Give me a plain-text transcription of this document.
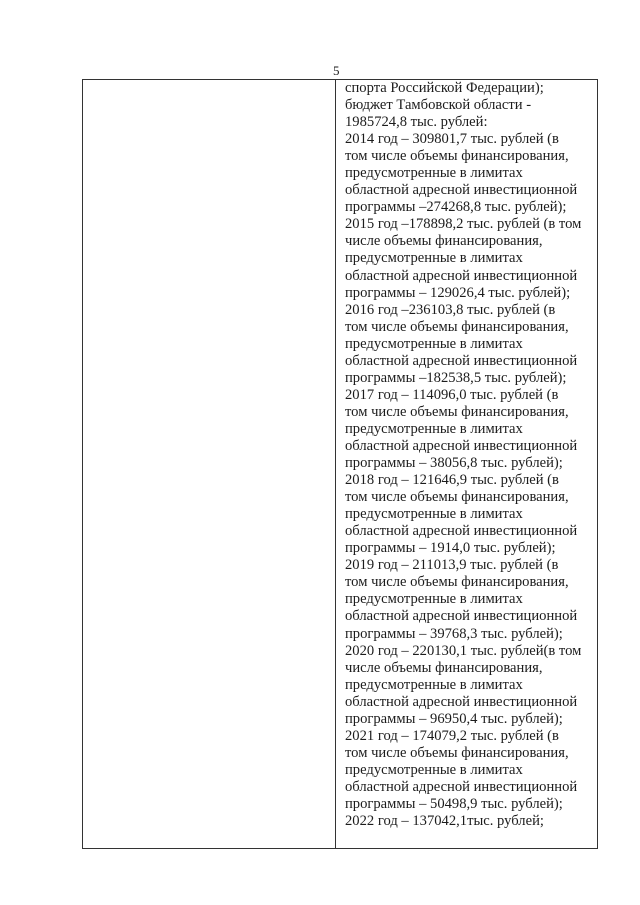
5
спорта Российской Федерации);
бюджет Тамбовской области -
1985724,8 тыс. рублей:
2014 год – 309801,7 тыс. рублей (в
том числе объемы финансирования,
предусмотренные в лимитах
областной адресной инвестиционной
программы –274268,8 тыс. рублей);
2015 год –178898,2 тыс. рублей (в том
числе объемы финансирования,
предусмотренные в лимитах
областной адресной инвестиционной
программы – 129026,4 тыс. рублей);
2016 год –236103,8 тыс. рублей (в
том числе объемы финансирования,
предусмотренные в лимитах
областной адресной инвестиционной
программы –182538,5 тыс. рублей);
2017 год – 114096,0 тыс. рублей (в
том числе объемы финансирования,
предусмотренные в лимитах
областной адресной инвестиционной
программы – 38056,8 тыс. рублей);
2018 год – 121646,9 тыс. рублей (в
том числе объемы финансирования,
предусмотренные в лимитах
областной адресной инвестиционной
программы – 1914,0 тыс. рублей);
2019 год – 211013,9 тыс. рублей (в
том числе объемы финансирования,
предусмотренные в лимитах
областной адресной инвестиционной
программы – 39768,3 тыс. рублей);
2020 год – 220130,1 тыс. рублей(в том
числе объемы финансирования,
предусмотренные в лимитах
областной адресной инвестиционной
программы – 96950,4 тыс. рублей);
2021 год – 174079,2 тыс. рублей (в
том числе объемы финансирования,
предусмотренные в лимитах
областной адресной инвестиционной
программы – 50498,9 тыс. рублей);
2022 год – 137042,1тыс. рублей;
